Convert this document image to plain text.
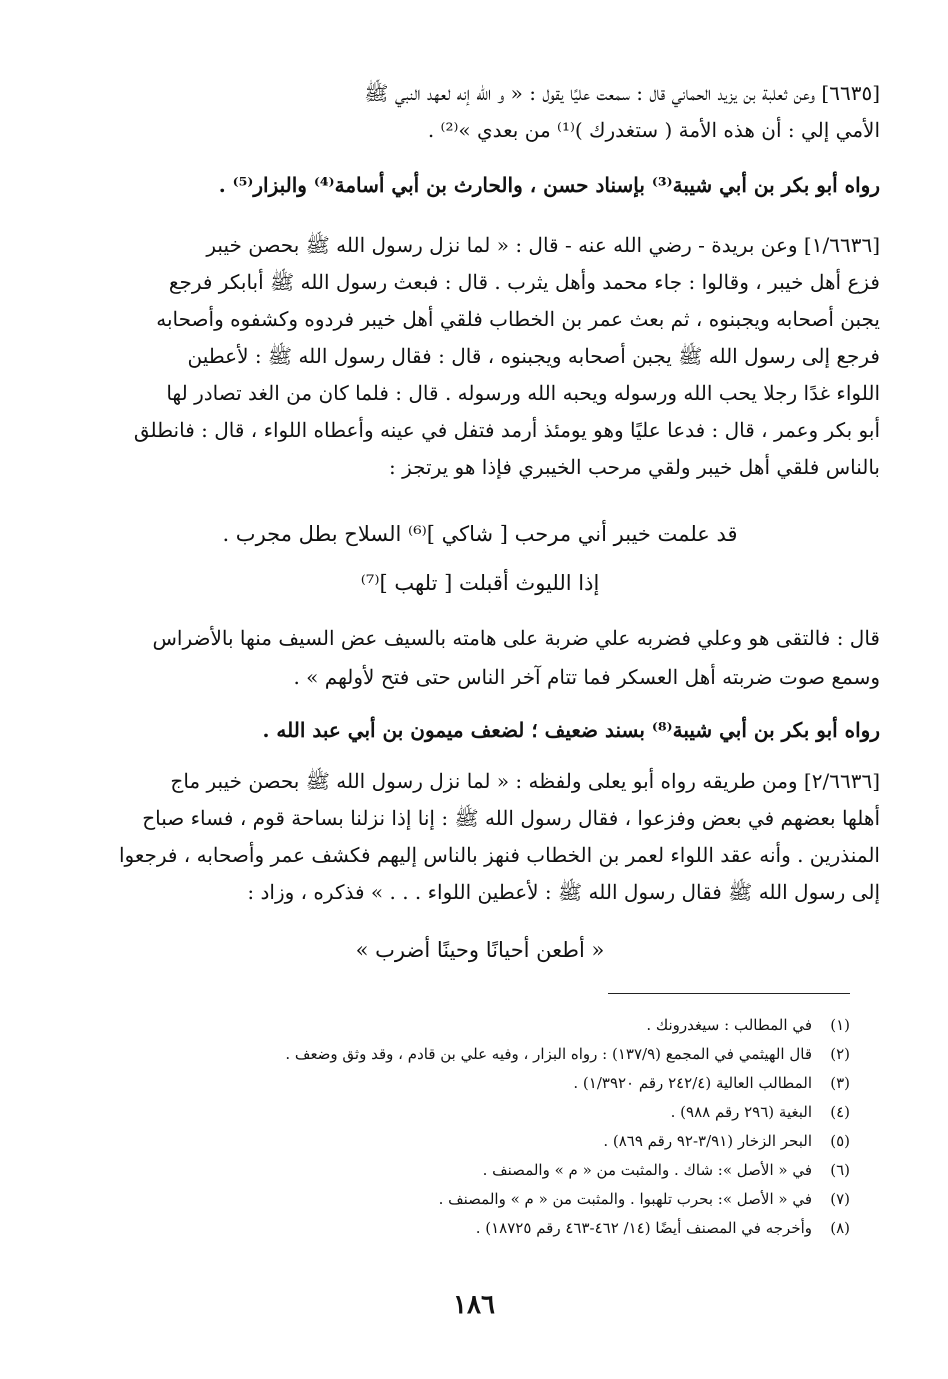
[٦٦٣٥] وعن ثعلبة بن يزيد الحماني قال : سمعت عليًا يقول : « و الله إنه لعهد النبي ﷺ
الأمي إلي : أن هذه الأمة ( ستغدرك )⁽¹⁾ من بعدي »⁽²⁾ .
رواه أبو بكر بن أبي شيبة⁽³⁾ بإسناد حسن ، والحارث بن أبي أسامة⁽⁴⁾ والبزار⁽⁵⁾ .
[١/٦٦٣٦] وعن بريدة - رضي الله عنه - قال : « لما نزل رسول الله ﷺ بحصن خيبر
فزع أهل خيبر ، وقالوا : جاء محمد وأهل يثرب . قال : فبعث رسول الله ﷺ أبابكر فرجع
يجبن أصحابه ويجبنوه ، ثم بعث عمر بن الخطاب فلقي أهل خيبر فردوه وكشفوه وأصحابه
فرجع إلى رسول الله ﷺ يجبن أصحابه ويجبنوه ، قال : فقال رسول الله ﷺ : لأعطين
اللواء غدًا رجلا يحب الله ورسوله ويحبه الله ورسوله . قال : فلما كان من الغد تصادر لها
أبو بكر وعمر ، قال : فدعا عليًا وهو يومئذ أرمد فتفل في عينه وأعطاه اللواء ، قال : فانطلق
بالناس فلقي أهل خيبر ولقي مرحب الخيبري فإذا هو يرتجز :
قد علمت خيبر أني مرحب [ شاكي ]⁽⁶⁾ السلاح بطل مجرب .
إذا الليوث أقبلت [ تلهب ]⁽⁷⁾
قال : فالتقى هو وعلي فضربه علي ضربة على هامته بالسيف عض السيف منها بالأضراس
وسمع صوت ضربته أهل العسكر فما تتام آخر الناس حتى فتح لأولهم » .
رواه أبو بكر بن أبي شيبة⁽⁸⁾ بسند ضعيف ؛ لضعف ميمون بن أبي عبد الله .
[٢/٦٦٣٦] ومن طريقه رواه أبو يعلى ولفظه : « لما نزل رسول الله ﷺ بحصن خيبر ماج
أهلها بعضهم في بعض وفزعوا ، فقال رسول الله ﷺ : إنا إذا نزلنا بساحة قوم ، فساء صباح
المنذرين . وأنه عقد اللواء لعمر بن الخطاب فنهز بالناس إليهم فكشف عمر وأصحابه ، فرجعوا
إلى رسول الله ﷺ فقال رسول الله ﷺ : لأعطين اللواء . . . » فذكره ، وزاد :
« أطعن أحيانًا وحينًا أضرب »
(١)في المطالب : سيغدرونك .
(٢)قال الهيثمي في المجمع (١٣٧/٩) : رواه البزار ، وفيه علي بن قادم ، وقد وثق وضعف .
(٣)المطالب العالية (٢٤٢/٤ رقم ١/٣٩٢٠) .
(٤)البغية (٢٩٦ رقم ٩٨٨) .
(٥)البحر الزخار (٣/٩١-٩٢ رقم ٨٦٩) .
(٦)في « الأصل »: شاك . والمثبت من « م » والمصنف .
(٧)في « الأصل »: بحرب تلهبوا . والمثبت من « م » والمصنف .
(٨)وأخرجه في المصنف أيضًا (١٤/ ٤٦٢-٤٦٣ رقم ١٨٧٢٥) .
١٨٦
